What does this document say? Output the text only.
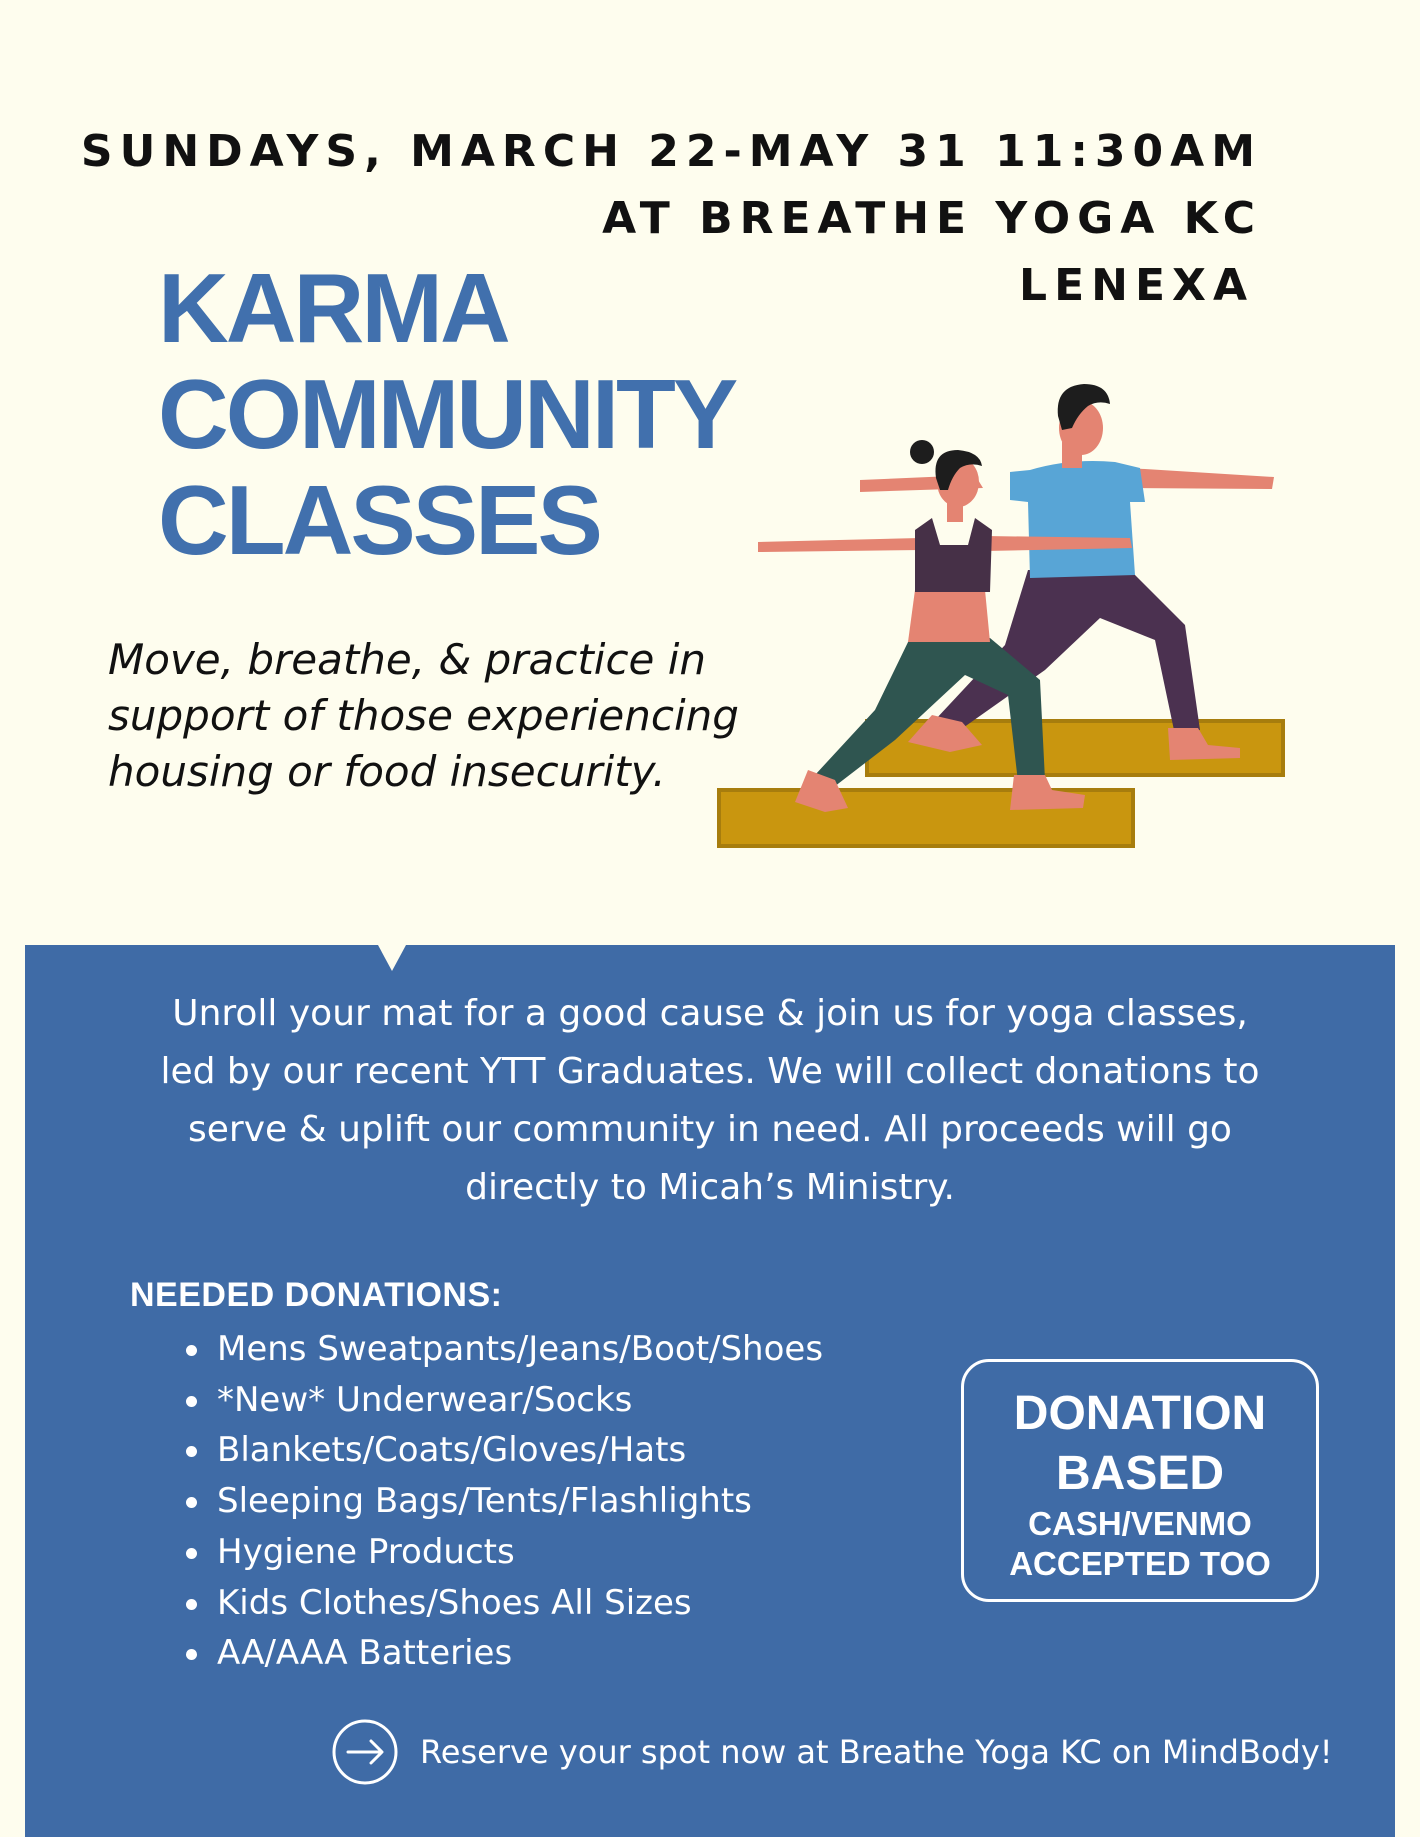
SUNDAYS, MARCH 22-MAY 31 11:30AM
AT BREATHE YOGA KC
LENEXA
KARMA
COMMUNITY
CLASSES
Move, breathe, & practice in support of those experiencing housing or food insecurity.
Unroll your mat for a good cause & join us for yoga classes, led by our recent YTT Graduates. We will collect donations to serve & uplift our community in need. All proceeds will go directly to Micah’s Ministry.
NEEDED DONATIONS:
Mens Sweatpants/Jeans/Boot/Shoes
*New* Underwear/Socks
Blankets/Coats/Gloves/Hats
Sleeping Bags/Tents/Flashlights
Hygiene Products
Kids Clothes/Shoes All Sizes
AA/AAA Batteries
DONATION
BASED
CASH/VENMO
ACCEPTED TOO
Reserve your spot now at Breathe Yoga KC on MindBody!
